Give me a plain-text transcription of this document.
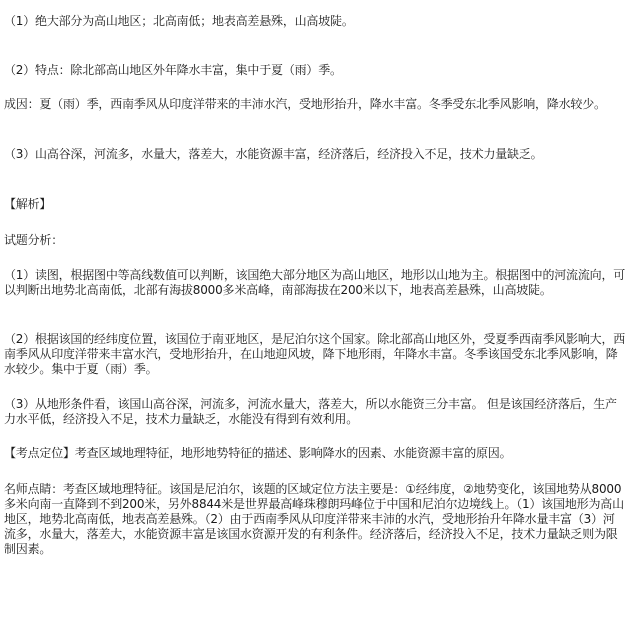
（1）绝大部分为高山地区；北高南低；地表高差悬殊，山高坡陡。

（2）特点：除北部高山地区外年降水丰富，集中于夏（雨）季。

成因：夏（雨）季，西南季风从印度洋带来的丰沛水汽，受地形抬升，降水丰富。冬季受东北季风影响，降水较少。

（3）山高谷深，河流多，水量大，落差大，水能资源丰富，经济落后，经济投入不足，技术力量缺乏。

【解析】

试题分析：

（1）读图，根据图中等高线数值可以判断，该国绝大部分地区为高山地区，地形以山地为主。根据图中的河流流向，可以判断出地势北高南低，北部有海拔8000多米高峰，南部海拔在200米以下，地表高差悬殊，山高坡陡。

（2）根据该国的经纬度位置，该国位于南亚地区，是尼泊尔这个国家。除北部高山地区外，受夏季西南季风影响大，西南季风从印度洋带来丰富水汽，受地形抬升，在山地迎风坡，降下地形雨，年降水丰富。冬季该国受东北季风影响，降水较少。集中于夏（雨）季。

（3）从地形条件看，该国山高谷深，河流多，河流水量大，落差大，所以水能资三分丰富。 但是该国经济落后，生产力水平低，经济投入不足，技术力量缺乏，水能没有得到有效利用。

【考点定位】考查区域地理特征，地形地势特征的描述、影响降水的因素、水能资源丰富的原因。

名师点睛：考查区域地理特征。该国是尼泊尔，该题的区域定位方法主要是：①经纬度，②地势变化，该国地势从8000多米向南一直降到不到200米，另外8844米是世界最高峰珠穆朗玛峰位于中国和尼泊尔边境线上。（1）该国地形为高山地区，地势北高南低，地表高差悬殊。（2）由于西南季风从印度洋带来丰沛的水汽，受地形抬升年降水量丰富（3）河流多，水量大，落差大，水能资源丰富是该国水资源开发的有利条件。经济落后，经济投入不足，技术力量缺乏则为限制因素。
